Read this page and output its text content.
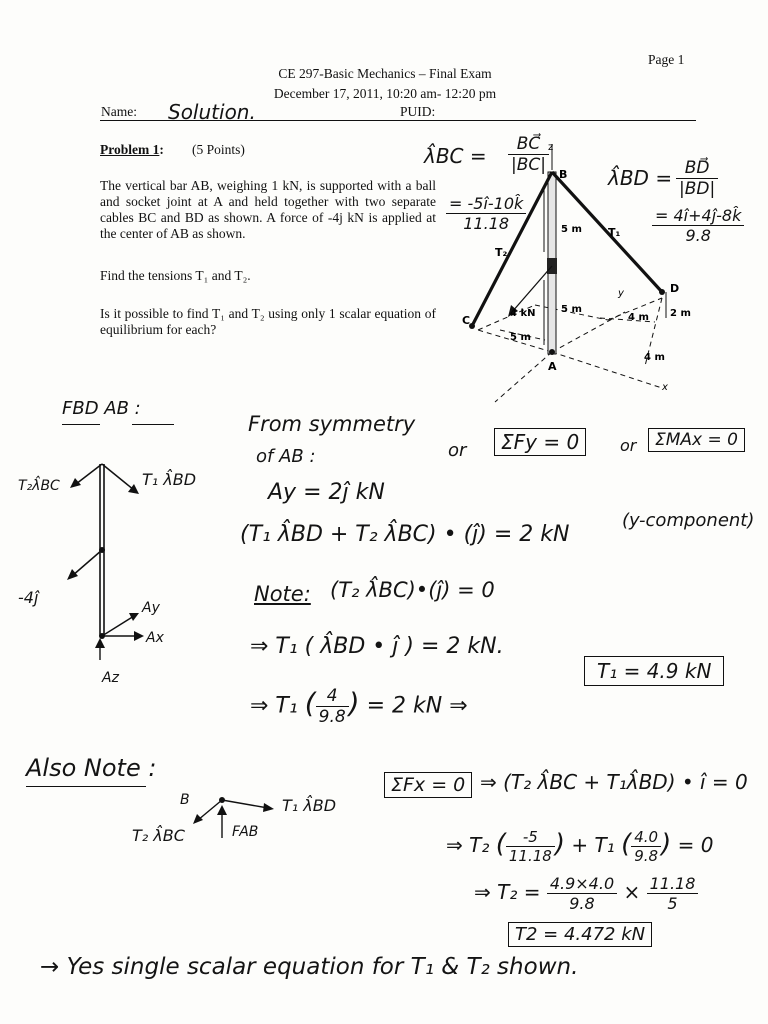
Page 1
CE 297-Basic Mechanics – Final Exam
December 17, 2011, 10:20 am- 12:20 pm
Name: Solution.	PUID:
Problem 1: (5 Points)
The vertical bar AB, weighing 1 kN, is supported with a ball and socket joint at A and held together with two separate cables BC and BD as shown. A force of -4j kN is applied at the center of AB as shown.
Find the tensions T₁ and T₂.
Is it possible to find T₁ and T₂ using only 1 scalar equation of equilibrium for each?
λ̂BC = $\frac{BC⃗}{|BC|}$
$\frac{= -5î-10k̂}{11.18}$
λ̂BD = $\frac{BD⃗}{|BD|}$
$\frac{= 4î+4ĵ-8k̂}{9.8}$
z
B
C
D
A
y
x
T₁
T₂
5 m
5 m
5 m
4 m 2 m
4 m
4 kN
FBD AB :
T₂λ̂BC	T₁ λ̂BD
-4ĵ
Ay
Ax
Az
From symmetry
of AB :	or	ΣFy = 0	or	ΣMAx = 0
Ay = 2ĵ kN
(T₁ λ̂BD + T₂ λ̂BC) • (ĵ) = 2 kN
(y-component)
Note: (T₂ λ̂BC)•(ĵ) = 0
⇒ T₁ ( λ̂BD • ĵ ) = 2 kN.
⇒ T₁ ( $\frac{4}{9.8}$ ) = 2 kN ⇒
T₁ = 4.9 kN
Also Note :
B	T₁ λ̂BD
T₂ λ̂BC	FAB
ΣFx = 0 ⇒ (T₂ λ̂BC + T₁λ̂BD) • î = 0
⇒ T₂ ( $\frac{-5}{11.18}$ ) + T₁ ( $\frac{4.0}{9.8}$ ) = 0
⇒ $T_2 = \frac{4.9\times 4.0}{9.8} \times \frac{11.18}{5}$
T2 = 4.472 kN
→ Yes single scalar equation for T₁ & T₂ shown.
